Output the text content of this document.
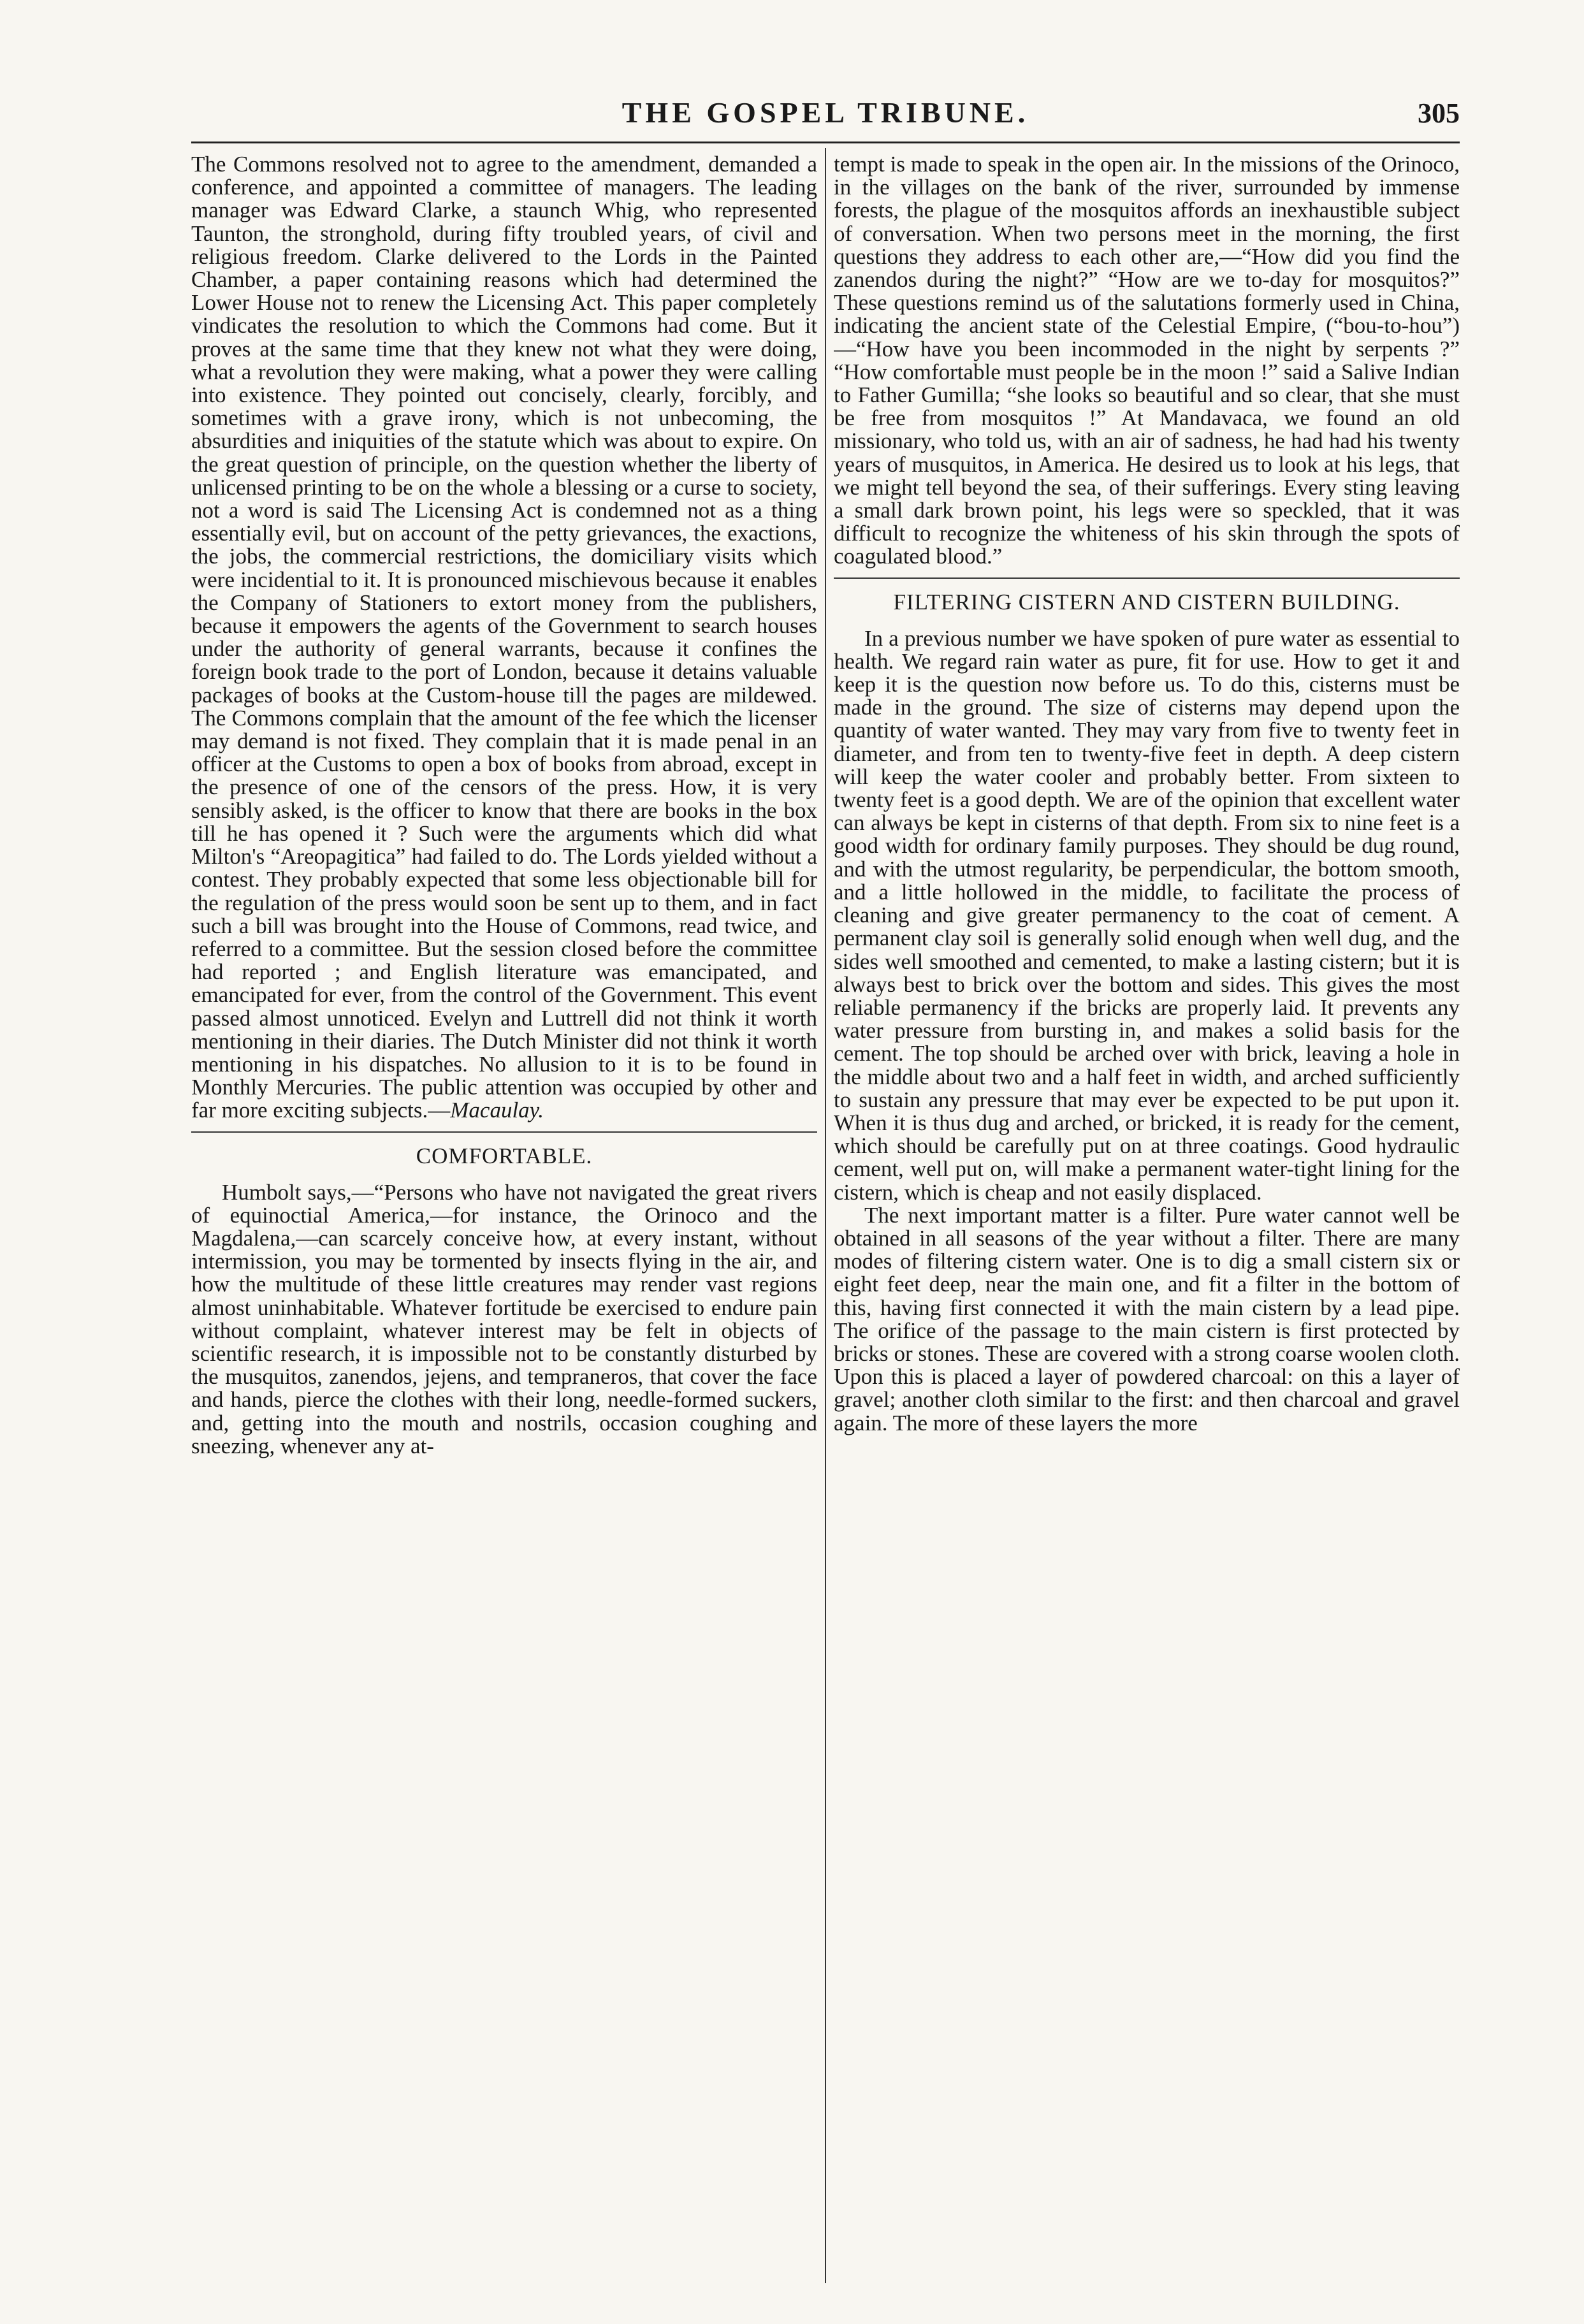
THE GOSPEL TRIBUNE.	305

The Commons resolved not to agree to the amendment, demanded a conference, and appointed a committee of managers. The leading manager was Edward Clarke, a staunch Whig, who represented Taunton, the stronghold, during fifty troubled years, of civil and religious freedom. Clarke delivered to the Lords in the Painted Chamber, a paper containing reasons which had determined the Lower House not to renew the Licensing Act. This paper completely vindicates the resolution to which the Commons had come. But it proves at the same time that they knew not what they were doing, what a revolution they were making, what a power they were calling into existence. They pointed out concisely, clearly, forcibly, and sometimes with a grave irony, which is not unbecoming, the absurdities and iniquities of the statute which was about to expire. On the great question of principle, on the question whether the liberty of unlicensed printing to be on the whole a blessing or a curse to society, not a word is said The Licensing Act is condemned not as a thing essentially evil, but on account of the petty grievances, the exactions, the jobs, the commercial restrictions, the domiciliary visits which were incidential to it. It is pronounced mischievous because it enables the Company of Stationers to extort money from the publishers, because it empowers the agents of the Government to search houses under the authority of general warrants, because it confines the foreign book trade to the port of London, because it detains valuable packages of books at the Custom-house till the pages are mildewed. The Commons complain that the amount of the fee which the licenser may demand is not fixed. They complain that it is made penal in an officer at the Customs to open a box of books from abroad, except in the presence of one of the censors of the press. How, it is very sensibly asked, is the officer to know that there are books in the box till he has opened it ? Such were the arguments which did what Milton's “Areopagitica” had failed to do. The Lords yielded without a contest. They probably expected that some less objectionable bill for the regulation of the press would soon be sent up to them, and in fact such a bill was brought into the House of Commons, read twice, and referred to a committee. But the session closed before the committee had reported ; and English literature was emancipated, and emancipated for ever, from the control of the Government. This event passed almost unnoticed. Evelyn and Luttrell did not think it worth mentioning in their diaries. The Dutch Minister did not think it worth mentioning in his dispatches. No allusion to it is to be found in Monthly Mercuries. The public attention was occupied by other and far more exciting subjects.—Macaulay.

COMFORTABLE.

Humbolt says,—“Persons who have not navigated the great rivers of equinoctial America,—for instance, the Orinoco and the Magdalena,—can scarcely conceive how, at every instant, without intermission, you may be tormented by insects flying in the air, and how the multitude of these little creatures may render vast regions almost uninhabitable. Whatever fortitude be exercised to endure pain without complaint, whatever interest may be felt in objects of scientific research, it is impossible not to be constantly disturbed by the musquitos, zanendos, jejens, and tempraneros, that cover the face and hands, pierce the clothes with their long, needle-formed suckers, and, getting into the mouth and nostrils, occasion coughing and sneezing, whenever any at-

tempt is made to speak in the open air. In the missions of the Orinoco, in the villages on the bank of the river, surrounded by immense forests, the plague of the mosquitos affords an inexhaustible subject of conversation. When two persons meet in the morning, the first questions they address to each other are,—“How did you find the zanendos during the night?” “How are we to-day for mosquitos?” These questions remind us of the salutations formerly used in China, indicating the ancient state of the Celestial Empire, (“bou-to-hou”)—“How have you been incommoded in the night by serpents ?” “How comfortable must people be in the moon !” said a Salive Indian to Father Gumilla; “she looks so beautiful and so clear, that she must be free from mosquitos !” At Mandavaca, we found an old missionary, who told us, with an air of sadness, he had had his twenty years of musquitos, in America. He desired us to look at his legs, that we might tell beyond the sea, of their sufferings. Every sting leaving a small dark brown point, his legs were so speckled, that it was difficult to recognize the whiteness of his skin through the spots of coagulated blood.”

FILTERING CISTERN AND CISTERN BUILDING.

In a previous number we have spoken of pure water as essential to health. We regard rain water as pure, fit for use. How to get it and keep it is the question now before us. To do this, cisterns must be made in the ground. The size of cisterns may depend upon the quantity of water wanted. They may vary from five to twenty feet in diameter, and from ten to twenty-five feet in depth. A deep cistern will keep the water cooler and probably better. From sixteen to twenty feet is a good depth. We are of the opinion that excellent water can always be kept in cisterns of that depth. From six to nine feet is a good width for ordinary family purposes. They should be dug round, and with the utmost regularity, be perpendicular, the bottom smooth, and a little hollowed in the middle, to facilitate the process of cleaning and give greater permanency to the coat of cement. A permanent clay soil is generally solid enough when well dug, and the sides well smoothed and cemented, to make a lasting cistern; but it is always best to brick over the bottom and sides. This gives the most reliable permanency if the bricks are properly laid. It prevents any water pressure from bursting in, and makes a solid basis for the cement. The top should be arched over with brick, leaving a hole in the middle about two and a half feet in width, and arched sufficiently to sustain any pressure that may ever be expected to be put upon it. When it is thus dug and arched, or bricked, it is ready for the cement, which should be carefully put on at three coatings. Good hydraulic cement, well put on, will make a permanent water-tight lining for the cistern, which is cheap and not easily displaced.

The next important matter is a filter. Pure water cannot well be obtained in all seasons of the year without a filter. There are many modes of filtering cistern water. One is to dig a small cistern six or eight feet deep, near the main one, and fit a filter in the bottom of this, having first connected it with the main cistern by a lead pipe. The orifice of the passage to the main cistern is first protected by bricks or stones. These are covered with a strong coarse woolen cloth. Upon this is placed a layer of powdered charcoal: on this a layer of gravel; another cloth similar to the first: and then charcoal and gravel again. The more of these layers the more
